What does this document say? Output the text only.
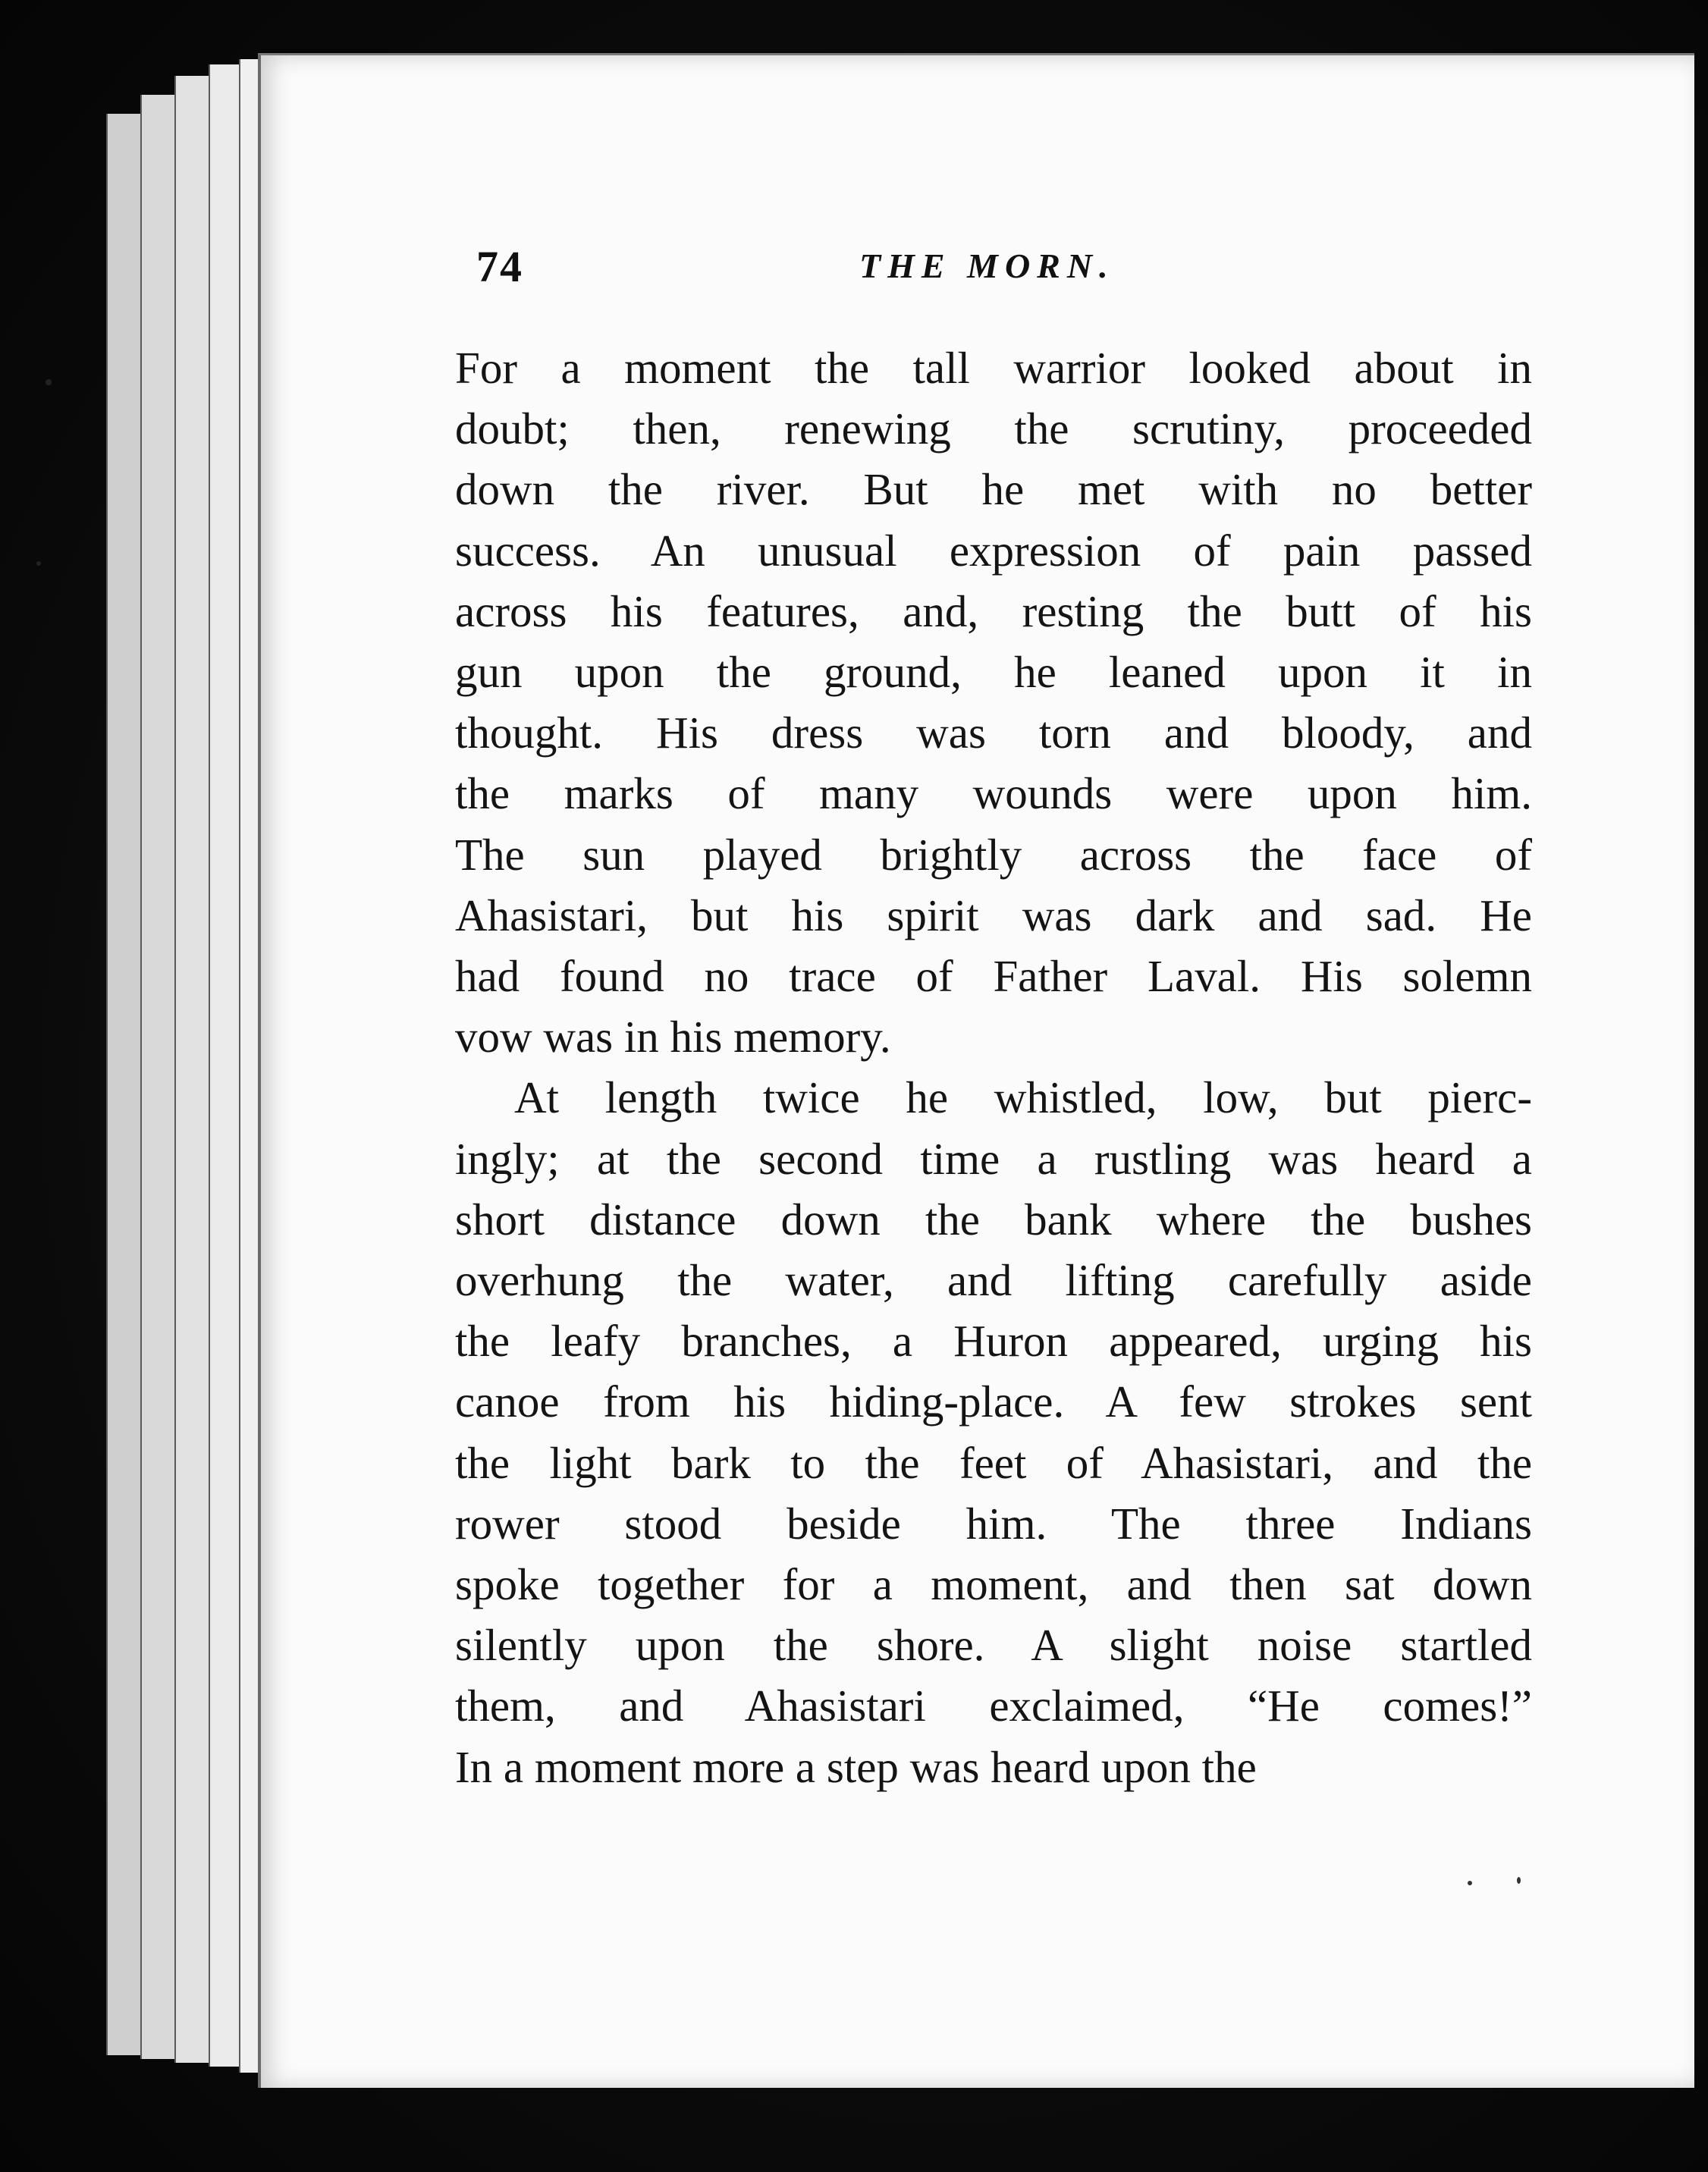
74	THE MORN.

For a moment the tall warrior looked about in
doubt; then, renewing the scrutiny, proceeded
down the river. But he met with no better
success. An unusual expression of pain passed
across his features, and, resting the butt of his
gun upon the ground, he leaned upon it in
thought. His dress was torn and bloody, and
the marks of many wounds were upon him.
The sun played brightly across the face of
Ahasistari, but his spirit was dark and sad. He
had found no trace of Father Laval. His solemn
vow was in his memory.

At length twice he whistled, low, but pierc-
ingly; at the second time a rustling was heard a
short distance down the bank where the bushes
overhung the water, and lifting carefully aside
the leafy branches, a Huron appeared, urging his
canoe from his hiding-place. A few strokes sent
the light bark to the feet of Ahasistari, and the
rower stood beside him. The three Indians
spoke together for a moment, and then sat down
silently upon the shore. A slight noise startled
them, and Ahasistari exclaimed, “He comes!”
In a moment more a step was heard upon the
